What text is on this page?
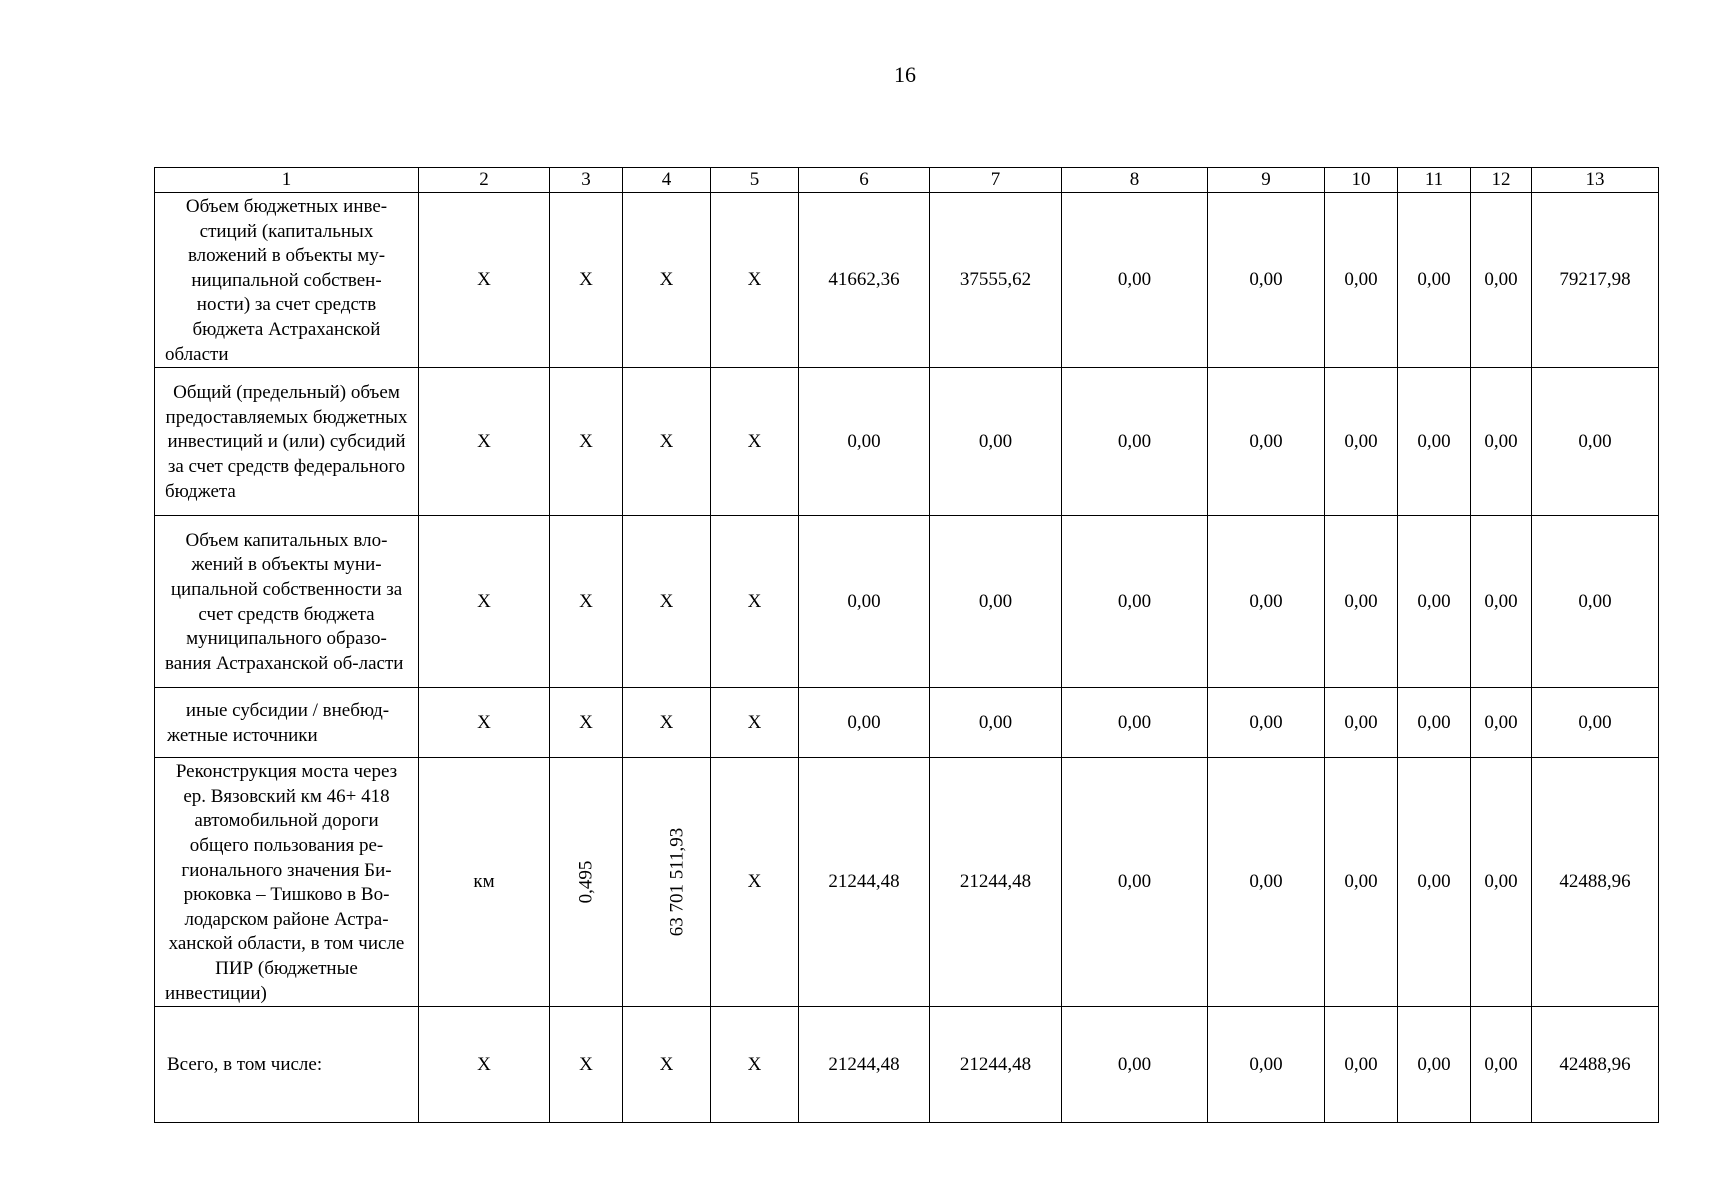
16
1	2	3	4	5	6	7	8	9	10	11	12	13
Объем бюджетных инве-стиций (капитальных вложений в объекты му-ниципальной собствен-ности) за счет средств бюджета Астраханской области	Х	Х	Х	Х	41662,36	37555,62	0,00	0,00	0,00	0,00	0,00	79217,98
Общий (предельный) объем предоставляемых бюджетных инвестиций и (или) субсидий за счет средств федерального бюджета	Х	Х	Х	Х	0,00	0,00	0,00	0,00	0,00	0,00	0,00	0,00
Объем капитальных вло-жений в объекты муни-ципальной собственности за счет средств бюджета муниципального образо-вания Астраханской об-ласти	Х	Х	Х	Х	0,00	0,00	0,00	0,00	0,00	0,00	0,00	0,00
иные субсидии / внебюд-жетные источники	Х	Х	Х	Х	0,00	0,00	0,00	0,00	0,00	0,00	0,00	0,00
Реконструкция моста через ер. Вязовский км 46+ 418 автомобильной дороги общего пользования ре-гионального значения Би-рюковка – Тишково в Во-лодарском районе Астра-ханской области, в том числе ПИР (бюджетные инвестиции)	км	0,495	63 701 511,93	Х	21244,48	21244,48	0,00	0,00	0,00	0,00	0,00	42488,96
Всего, в том числе:	Х	Х	Х	Х	21244,48	21244,48	0,00	0,00	0,00	0,00	0,00	42488,96
